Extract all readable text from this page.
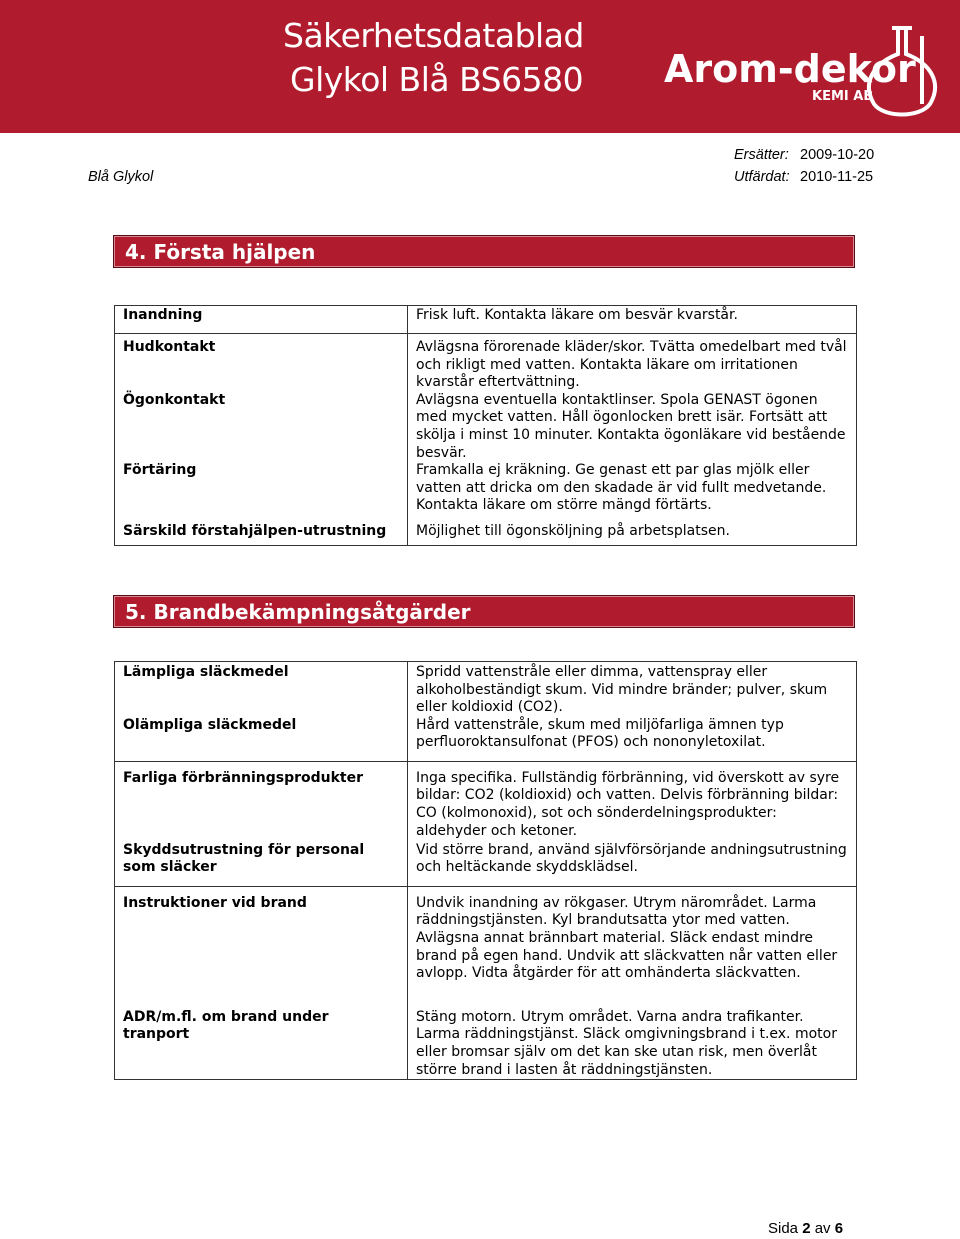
Säkerhetsdatablad
Glykol Blå BS6580 Arom-dekor
KEMI AB
Ersätter: 2009-10-20
Blå Glykol	Utfärdat: 2010-11-25
4. Första hjälpen
Inandning	Frisk luft. Kontakta läkare om besvär kvarstår.
Hudkontakt	Avlägsna förorenade kläder/skor. Tvätta omedelbart med tvål och rikligt med vatten. Kontakta läkare om irritationen kvarstår eftertvättning.
Ögonkontakt	Avlägsna eventuella kontaktlinser. Spola GENAST ögonen med mycket vatten. Håll ögonlocken brett isär. Fortsätt att skölja i minst 10 minuter. Kontakta ögonläkare vid bestående besvär.
Förtäring	Framkalla ej kräkning. Ge genast ett par glas mjölk eller vatten att dricka om den skadade är vid fullt medvetande. Kontakta läkare om större mängd förtärts.
Särskild förstahjälpen-utrustning	Möjlighet till ögonsköljning på arbetsplatsen.
5. Brandbekämpningsåtgärder
Lämpliga släckmedel	Spridd vattenstråle eller dimma, vattenspray eller alkoholbeständigt skum. Vid mindre bränder; pulver, skum eller koldioxid (CO2).
Olämpliga släckmedel	Hård vattenstråle, skum med miljöfarliga ämnen typ perfluoroktansulfonat (PFOS) och nononyletoxilat.
Farliga förbränningsprodukter	Inga specifika. Fullständig förbränning, vid överskott av syre bildar: CO2 (koldioxid) och vatten. Delvis förbränning bildar: CO (kolmonoxid), sot och sönderdelningsprodukter: aldehyder och ketoner.
Skyddsutrustning för personal som släcker	Vid större brand, använd självförsörjande andningsutrustning och heltäckande skyddsklädsel.
Instruktioner vid brand	Undvik inandning av rökgaser. Utrym närområdet. Larma räddningstjänsten. Kyl brandutsatta ytor med vatten. Avlägsna annat brännbart material. Släck endast mindre brand på egen hand. Undvik att släckvatten når vatten eller avlopp. Vidta åtgärder för att omhänderta släckvatten.
ADR/m.fl. om brand under tranport	Stäng motorn. Utrym området. Varna andra trafikanter. Larma räddningstjänst. Släck omgivningsbrand i t.ex. motor eller bromsar själv om det kan ske utan risk, men överlåt större brand i lasten åt räddningstjänsten.
Sida 2 av 6
